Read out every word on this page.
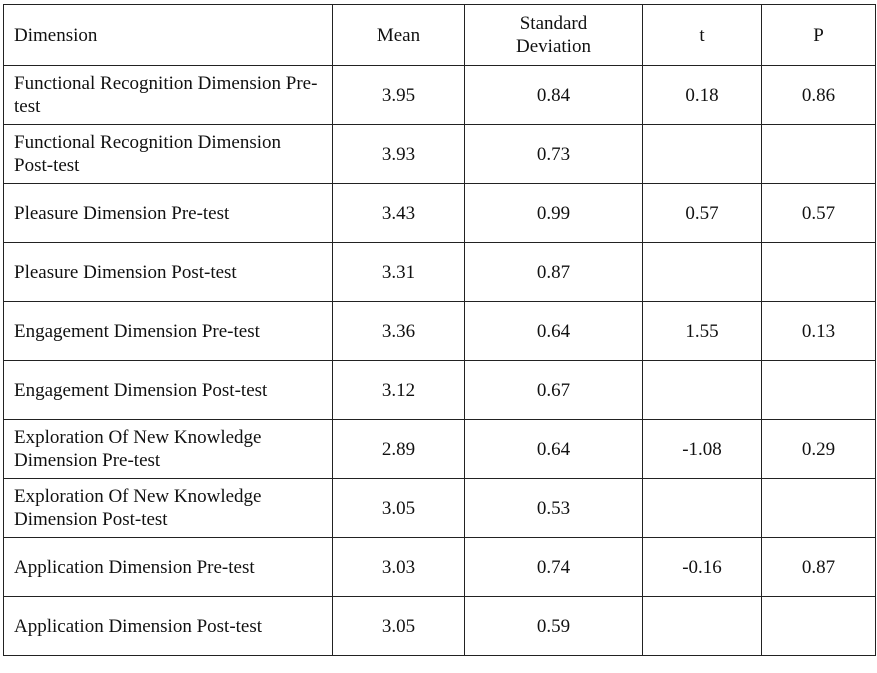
Dimension	Mean	Standard Deviation	t	P
Functional Recognition Dimension Pre-test	3.95	0.84	0.18	0.86
Functional Recognition Dimension Post-test	3.93	0.73		
Pleasure Dimension Pre-test	3.43	0.99	0.57	0.57
Pleasure Dimension Post-test	3.31	0.87		
Engagement Dimension Pre-test	3.36	0.64	1.55	0.13
Engagement Dimension Post-test	3.12	0.67		
Exploration Of New Knowledge Dimension Pre-test	2.89	0.64	-1.08	0.29
Exploration Of New Knowledge Dimension Post-test	3.05	0.53		
Application Dimension Pre-test	3.03	0.74	-0.16	0.87
Application Dimension Post-test	3.05	0.59		
